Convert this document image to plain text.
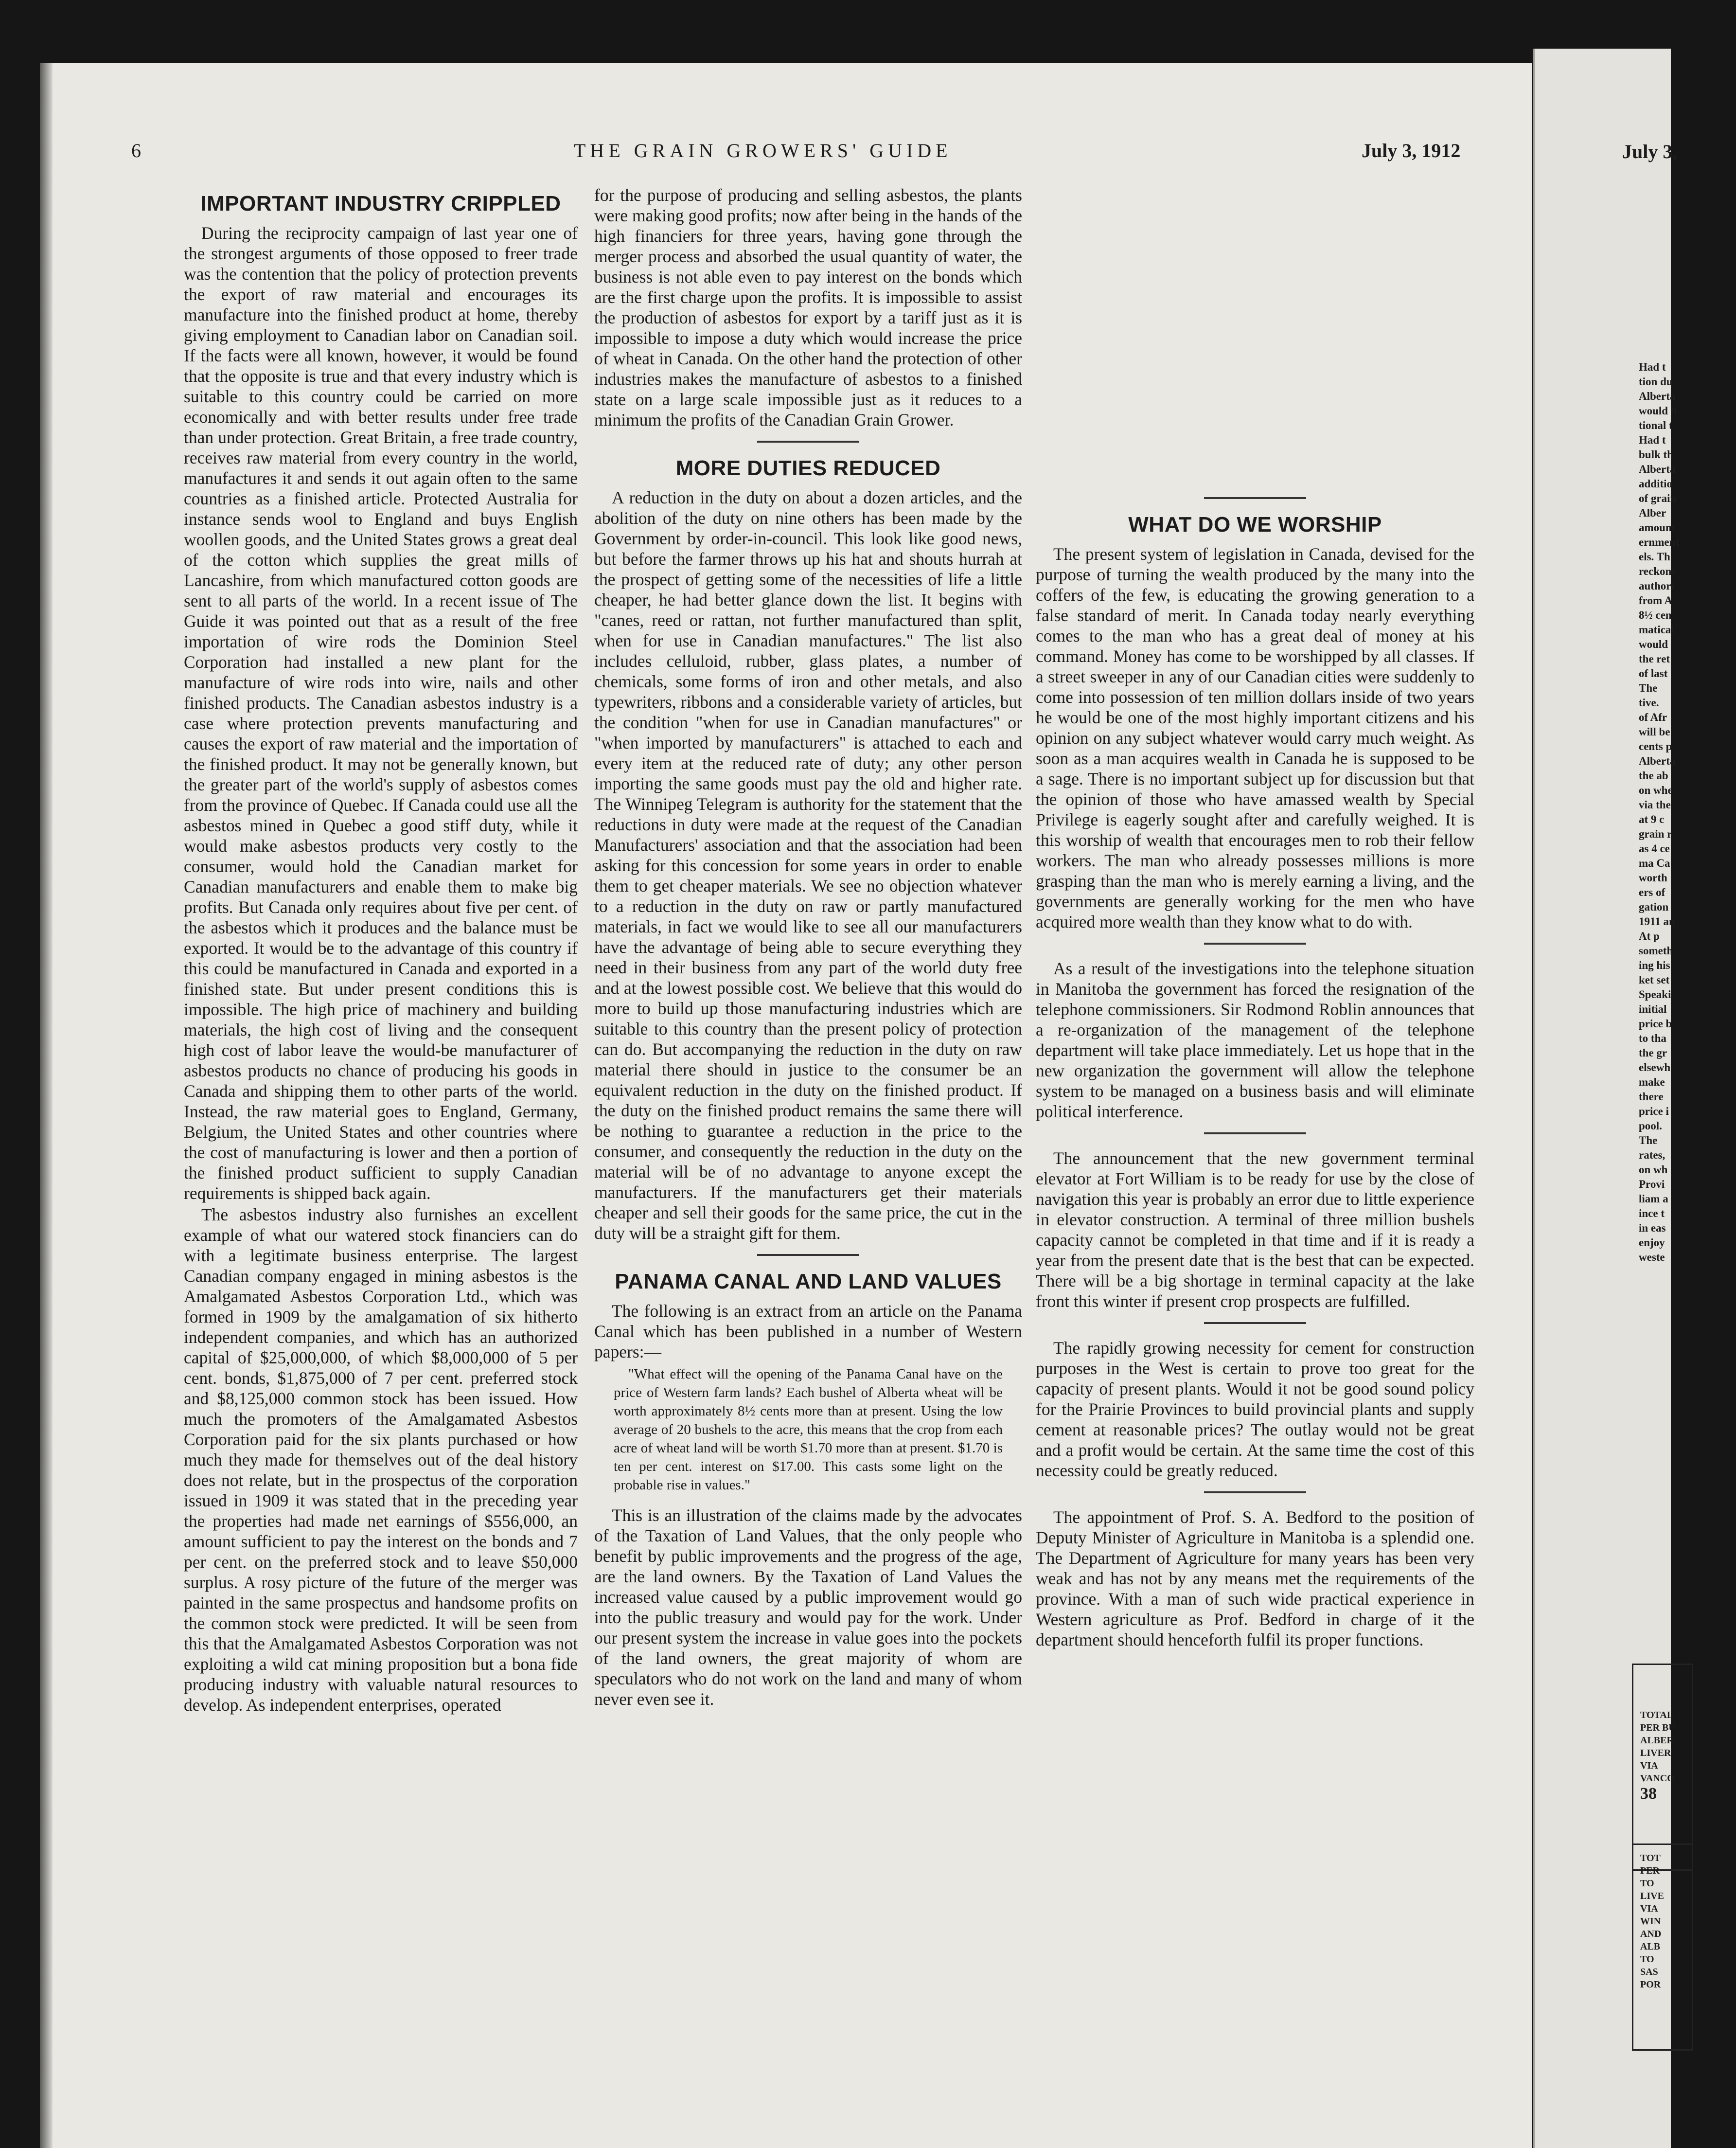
6	THE GRAIN GROWERS' GUIDE	July 3, 1912
IMPORTANT INDUSTRY CRIPPLED

During the reciprocity campaign of last year one of the strongest arguments of those opposed to freer trade was the contention that the policy of protection prevents the export of raw material and encourages its manufacture into the finished product at home, thereby giving employment to Canadian labor on Canadian soil. If the facts were all known, however, it would be found that the opposite is true and that every industry which is suitable to this country could be carried on more economically and with better results under free trade than under protection. Great Britain, a free trade country, receives raw material from every country in the world, manufactures it and sends it out again often to the same countries as a finished article. Protected Australia for instance sends wool to England and buys English woollen goods, and the United States grows a great deal of the cotton which supplies the great mills of Lancashire, from which manufactured cotton goods are sent to all parts of the world. In a recent issue of The Guide it was pointed out that as a result of the free importation of wire rods the Dominion Steel Corporation had installed a new plant for the manufacture of wire rods into wire, nails and other finished products. The Canadian asbestos industry is a case where protection prevents manufacturing and causes the export of raw material and the importation of the finished product. It may not be generally known, but the greater part of the world's supply of asbestos comes from the province of Quebec. If Canada could use all the asbestos mined in Quebec a good stiff duty, while it would make asbestos products very costly to the consumer, would hold the Canadian market for Canadian manufacturers and enable them to make big profits. But Canada only requires about five per cent. of the asbestos which it produces and the balance must be exported. It would be to the advantage of this country if this could be manufactured in Canada and exported in a finished state. But under present conditions this is impossible. The high price of machinery and building materials, the high cost of living and the consequent high cost of labor leave the would-be manufacturer of asbestos products no chance of producing his goods in Canada and shipping them to other parts of the world. Instead, the raw material goes to England, Germany, Belgium, the United States and other countries where the cost of manufacturing is lower and then a portion of the finished product sufficient to supply Canadian requirements is shipped back again.

The asbestos industry also furnishes an excellent example of what our watered stock financiers can do with a legitimate business enterprise. The largest Canadian company engaged in mining asbestos is the Amalgamated Asbestos Corporation Ltd., which was formed in 1909 by the amalgamation of six hitherto independent companies, and which has an authorized capital of $25,000,000, of which $8,000,000 of 5 per cent. bonds, $1,875,000 of 7 per cent. preferred stock and $8,125,000 common stock has been issued. How much the promoters of the Amalgamated Asbestos Corporation paid for the six plants purchased or how much they made for themselves out of the deal history does not relate, but in the prospectus of the corporation issued in 1909 it was stated that in the preceding year the properties had made net earnings of $556,000, an amount sufficient to pay the interest on the bonds and 7 per cent. on the preferred stock and to leave $50,000 surplus. A rosy picture of the future of the merger was painted in the same prospectus and handsome profits on the common stock were predicted. It will be seen from this that the Amalgamated Asbestos Corporation was not exploiting a wild cat mining proposition but a bona fide producing industry with valuable natural resources to develop. As independent enterprises, operated

for the purpose of producing and selling asbestos, the plants were making good profits; now after being in the hands of the high financiers for three years, having gone through the merger process and absorbed the usual quantity of water, the business is not able even to pay interest on the bonds which are the first charge upon the profits. It is impossible to assist the production of asbestos for export by a tariff just as it is impossible to impose a duty which would increase the price of wheat in Canada. On the other hand the protection of other industries makes the manufacture of asbestos to a finished state on a large scale impossible just as it reduces to a minimum the profits of the Canadian Grain Grower.

MORE DUTIES REDUCED

A reduction in the duty on about a dozen articles, and the abolition of the duty on nine others has been made by the Government by order-in-council. This look like good news, but before the farmer throws up his hat and shouts hurrah at the prospect of getting some of the necessities of life a little cheaper, he had better glance down the list. It begins with "canes, reed or rattan, not further manufactured than split, when for use in Canadian manufactures." The list also includes celluloid, rubber, glass plates, a number of chemicals, some forms of iron and other metals, and also typewriters, ribbons and a considerable variety of articles, but the condition "when for use in Canadian manufactures" or "when imported by manufacturers" is attached to each and every item at the reduced rate of duty; any other person importing the same goods must pay the old and higher rate. The Winnipeg Telegram is authority for the statement that the reductions in duty were made at the request of the Canadian Manufacturers' association and that the association had been asking for this concession for some years in order to enable them to get cheaper materials. We see no objection whatever to a reduction in the duty on raw or partly manufactured materials, in fact we would like to see all our manufacturers have the advantage of being able to secure everything they need in their business from any part of the world duty free and at the lowest possible cost. We believe that this would do more to build up those manufacturing industries which are suitable to this country than the present policy of protection can do. But accompanying the reduction in the duty on raw material there should in justice to the consumer be an equivalent reduction in the duty on the finished product. If the duty on the finished product remains the same there will be nothing to guarantee a reduction in the price to the consumer, and consequently the reduction in the duty on the material will be of no advantage to anyone except the manufacturers. If the manufacturers get their materials cheaper and sell their goods for the same price, the cut in the duty will be a straight gift for them.

PANAMA CANAL AND LAND VALUES

The following is an extract from an article on the Panama Canal which has been published in a number of Western papers:—

"What effect will the opening of the Panama Canal have on the price of Western farm lands? Each bushel of Alberta wheat will be worth approximately 8½ cents more than at present. Using the low average of 20 bushels to the acre, this means that the crop from each acre of wheat land will be worth $1.70 more than at present. $1.70 is ten per cent. interest on $17.00. This casts some light on the probable rise in values."

This is an illustration of the claims made by the advocates of the Taxation of Land Values, that the only people who benefit by public improvements and the progress of the age, are the land owners. By the Taxation of Land Values the increased value caused by a public improvement would go into the public treasury and would pay for the work. Under our present system the increase in value goes into the pockets of the land owners, the great majority of whom are speculators who do not work on the land and many of whom never even see it.

WHAT DO WE WORSHIP

The present system of legislation in Canada, devised for the purpose of turning the wealth produced by the many into the coffers of the few, is educating the growing generation to a false standard of merit. In Canada today nearly everything comes to the man who has a great deal of money at his command. Money has come to be worshipped by all classes. If a street sweeper in any of our Canadian cities were suddenly to come into possession of ten million dollars inside of two years he would be one of the most highly important citizens and his opinion on any subject whatever would carry much weight. As soon as a man acquires wealth in Canada he is supposed to be a sage. There is no important subject up for discussion but that the opinion of those who have amassed wealth by Special Privilege is eagerly sought after and carefully weighed. It is this worship of wealth that encourages men to rob their fellow workers. The man who already possesses millions is more grasping than the man who is merely earning a living, and the governments are generally working for the men who have acquired more wealth than they know what to do with.

As a result of the investigations into the telephone situation in Manitoba the government has forced the resignation of the telephone commissioners. Sir Rodmond Roblin announces that a re-organization of the management of the telephone department will take place immediately. Let us hope that in the new organization the government will allow the telephone system to be managed on a business basis and will eliminate political interference.

The announcement that the new government terminal elevator at Fort William is to be ready for use by the close of navigation this year is probably an error due to little experience in elevator construction. A terminal of three million bushels capacity cannot be completed in that time and if it is ready a year from the present date that is the best that can be expected. There will be a big shortage in terminal capacity at the lake front this winter if present crop prospects are fulfilled.

The rapidly growing necessity for cement for construction purposes in the West is certain to prove too great for the capacity of present plants. Would it not be good sound policy for the Prairie Provinces to build provincial plants and supply cement at reasonable prices? The outlay would not be great and a profit would be certain. At the same time the cost of this necessity could be greatly reduced.

The appointment of Prof. S. A. Bedford to the position of Deputy Minister of Agriculture in Manitoba is a splendid one. The Department of Agriculture for many years has been very weak and has not by any means met the requirements of the province. With a man of such wide practical experience in Western agriculture as Prof. Bedford in charge of it the department should henceforth fulfil its proper functions.

July 3,
Had t
tion du
Alberta
would h
tional t
Had t
bulk th
Alberta
additio
of grain
Alber
amount
ernment
els. Th
reckone
authori
from A
8½ cen
matical
would
the ret
of last
The
tive.
of Afr
will be
cents p
Alberta
the ab
on whe
via the
at 9 c
grain r
as 4 ce
ma Ca
worth
ers of
gation
1911 an
At p
someth
ing his
ket set
Speaki
initial
price b
to tha
the gr
elsewh
make
there
price i
pool.
The
rates,
on wh
Provi
liam a
ince t
in eas
enjoy
weste
TOTAL
PER BU
ALBER
LIVER
VIA
VANCO
38
TOT
PER
TO
LIVE
VIA
WIN
AND
ALB
TO
SAS
POR
